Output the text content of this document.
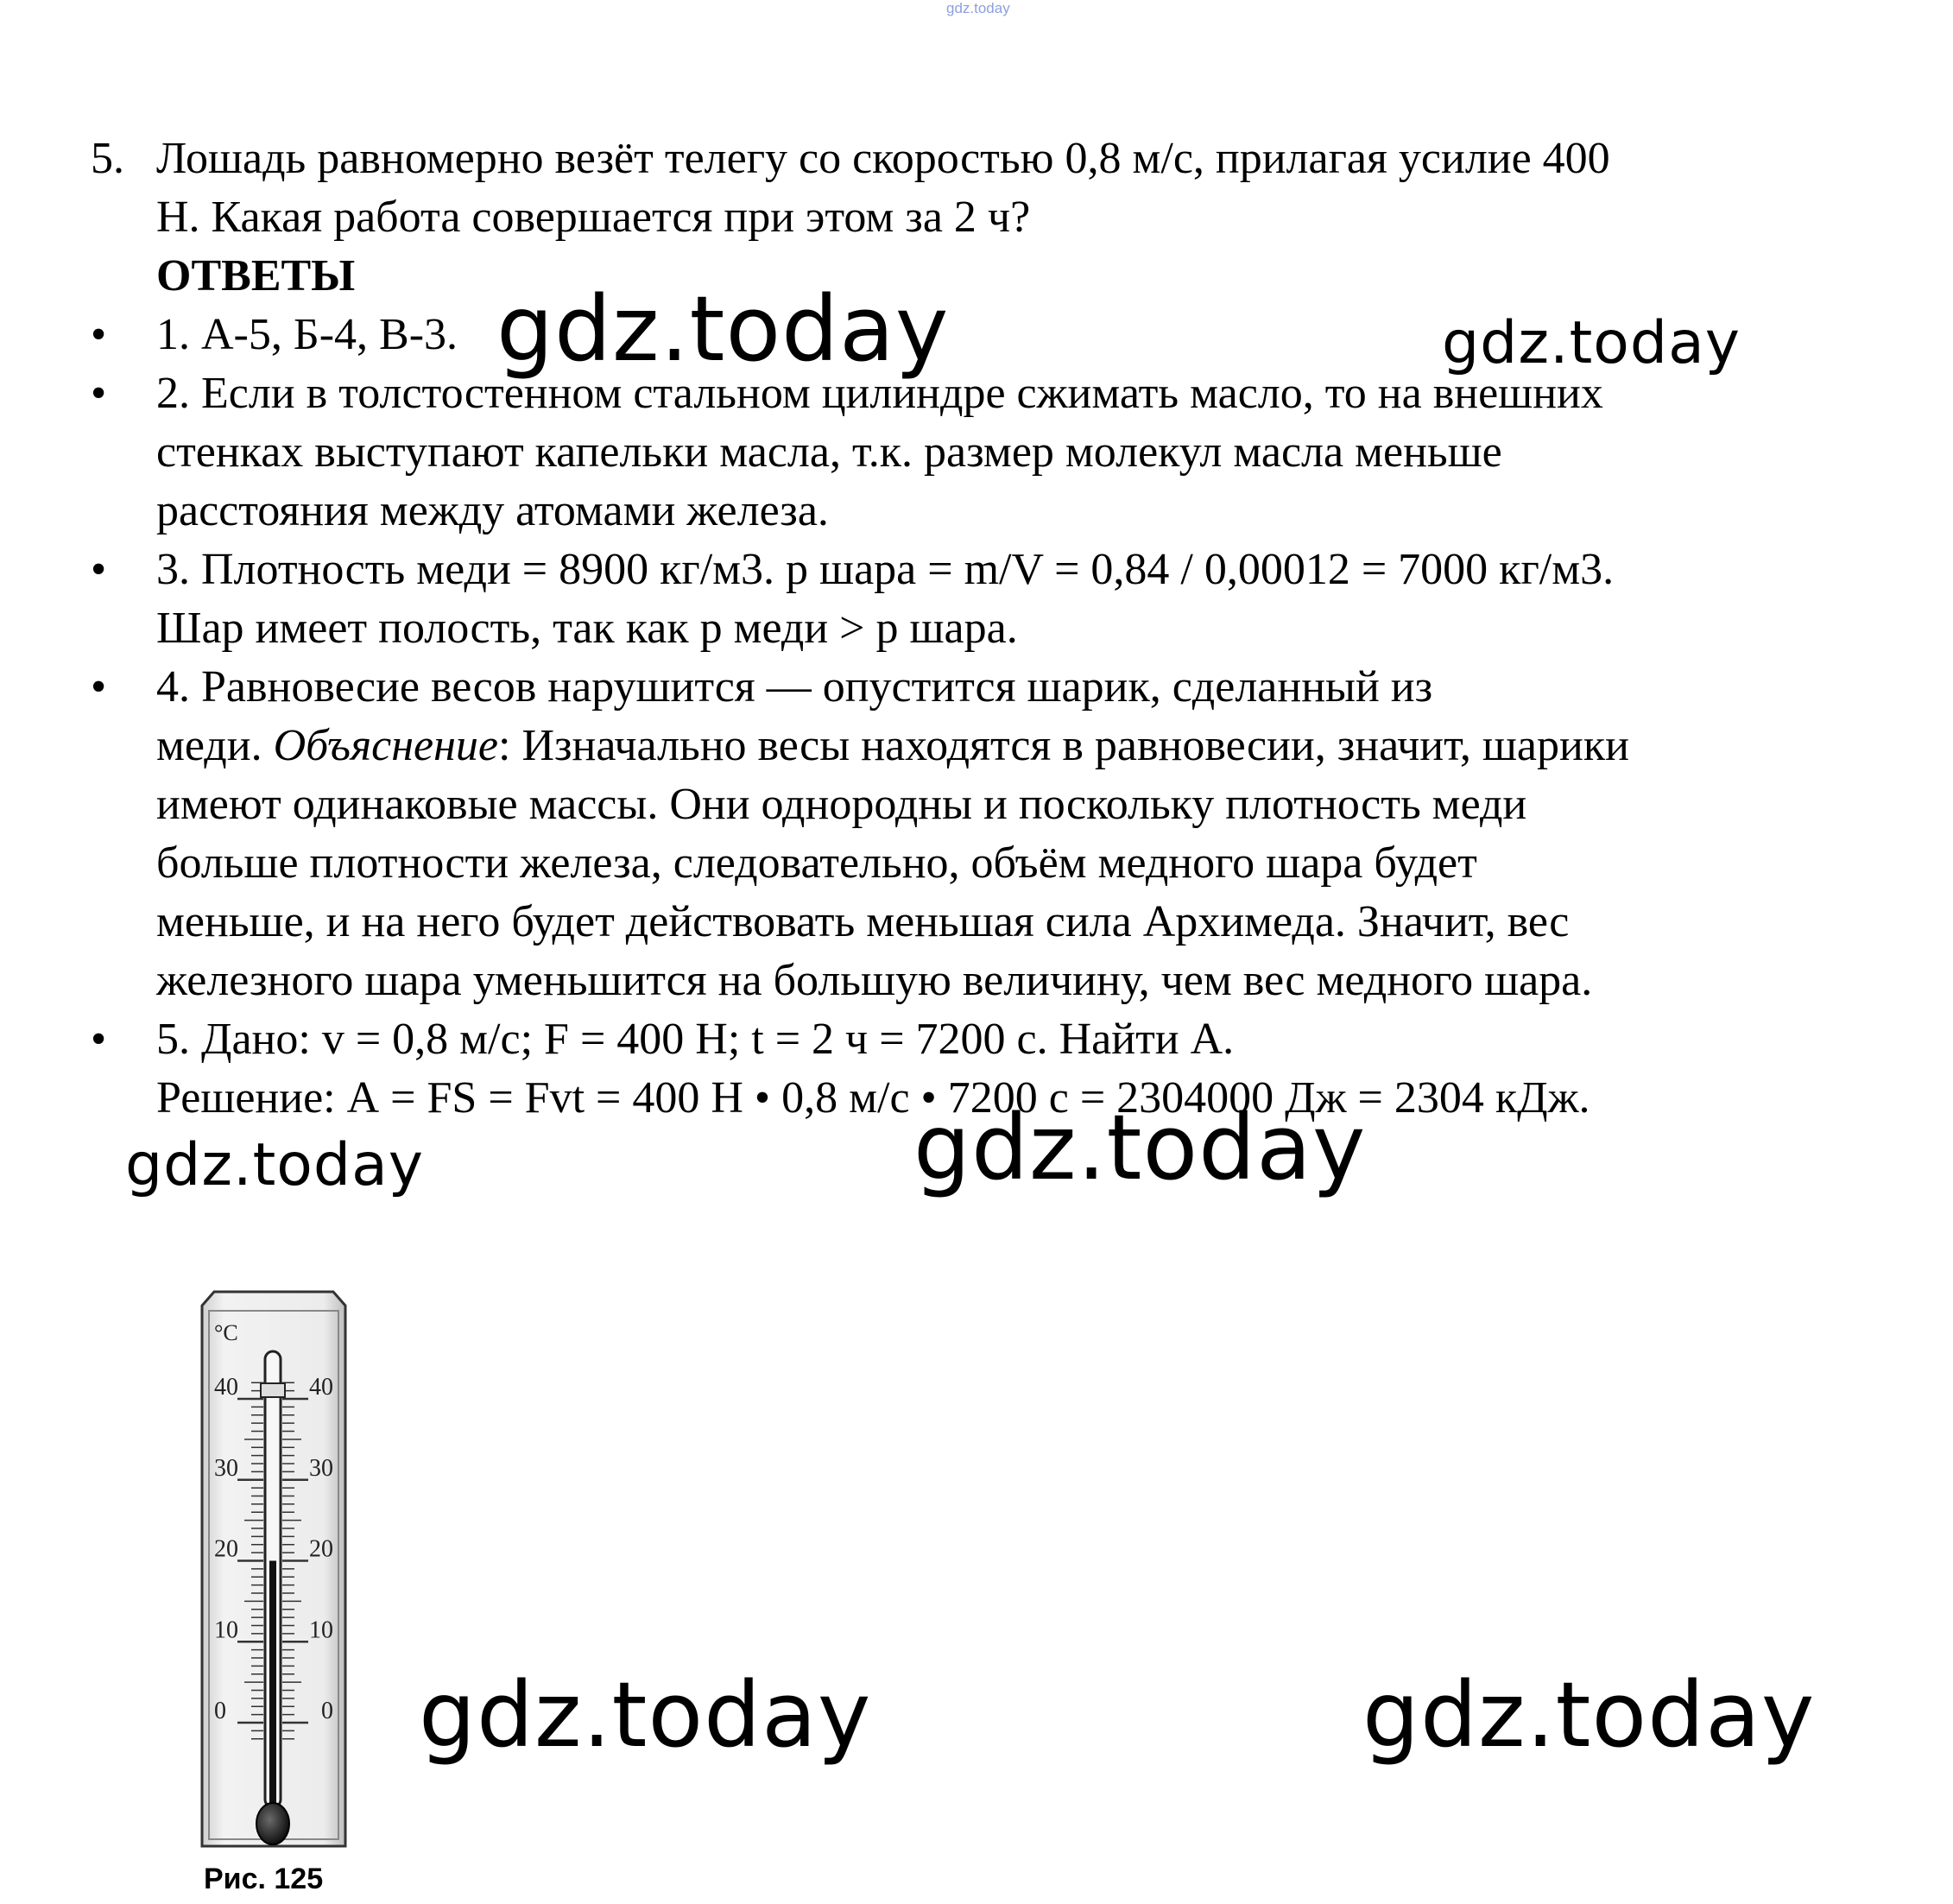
gdz.today
5. Лошадь равномерно везёт телегу со скоростью 0,8 м/с, прилагая усилие 400
Н. Какая работа совершается при этом за 2 ч?
ОТВЕТЫ
• 1. А-5, Б-4, В-3.
• 2. Если в толстостенном стальном цилиндре сжимать масло, то на внешних
стенках выступают капельки масла, т.к. размер молекул масла меньше
расстояния между атомами железа.
• 3. Плотность меди = 8900 кг/м3. p шара = m/V = 0,84 / 0,00012 = 7000 кг/м3.
Шар имеет полость, так как p меди > p шара.
• 4. Равновесие весов нарушится — опустится шарик, сделанный из
меди. Объяснение: Изначально весы находятся в равновесии, значит, шарики
имеют одинаковые массы. Они однородны и поскольку плотность меди
больше плотности железа, следовательно, объём медного шара будет
меньше, и на него будет действовать меньшая сила Архимеда. Значит, вес
железного шара уменьшится на большую величину, чем вес медного шара.
• 5. Дано: v = 0,8 м/с; F = 400 Н; t = 2 ч = 7200 с. Найти А.
Решение: А = FS = Fvt = 400 Н • 0,8 м/с • 7200 с = 2304000 Дж = 2304 кДж.
gdz.today	gdz.today
gdz.today	gdz.today
gdz.today	gdz.today
°C
40	40
30	30
20	20
10	10
0	0
Рис. 125
